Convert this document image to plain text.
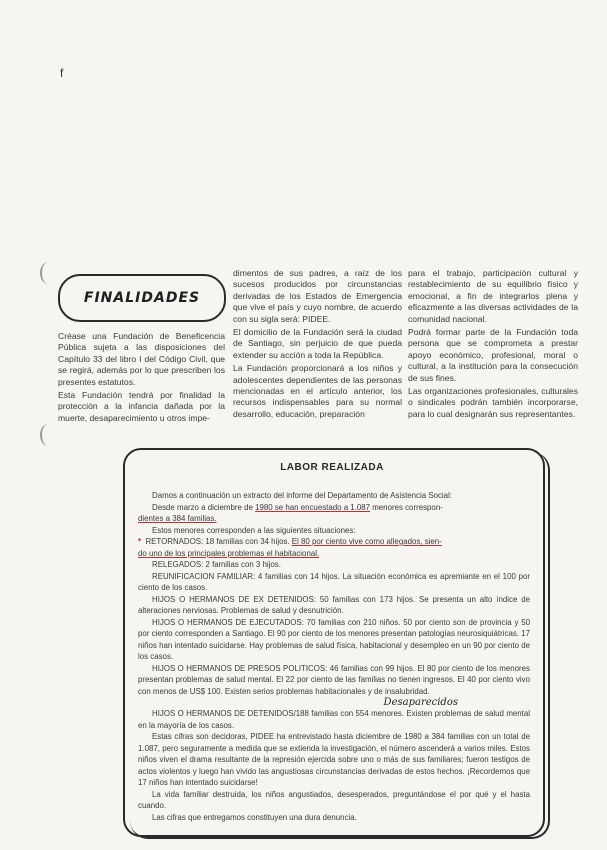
f
FINALIDADES

Créase una Fundación de Beneficencia Pública sujeta a las disposiciones del Capítulo 33 del libro I del Código Civil, que se regirá, además por lo que prescriben los presentes estatutos.

Esta Fundación tendrá por finalidad la protección a la infancia dañada por la muerte, desaparecimiento u otros impe-

dimentos de sus padres, a raíz de los sucesos producidos por circunstancias derivadas de los Estados de Emergencia que vive el país y cuyo nombre, de acuerdo con su sigla será: PIDEE.

El domicilio de la Fundación será la ciudad de Santiago, sin perjuicio de que pueda extender su acción a toda la República.

La Fundación proporcionará a los niños y adolescentes dependientes de las personas mencionadas en el artículo anterior, los recursos indispensables para su normal desarrollo, educación, preparación

para el trabajo, participación cultural y restablecimiento de su equilibrio físico y emocional, a fin de integrarlos plena y eficazmente a las diversas actividades de la comunidad nacional.

Podrá formar parte de la Fundación toda persona que se comprometa a prestar apoyo económico, profesional, moral o cultural, a la institución para la consecución de sus fines.

Las organizaciones profesionales, culturales o sindicales podrán también incorporarse, para lo cual designarán sus representantes.

LABOR REALIZADA

Damos a continuación un extracto del informe del Departamento de Asistencia Social:

Desde marzo a diciembre de 1980 se han encuestado a 1.087 menores correspon-
dientes a 384 familias.

Estos menores corresponden a las siguientes situaciones:

* RETORNADOS: 18 familias con 34 hijos. El 80 por ciento vive como allegados, sien-
do uno de los principales problemas el habitacional.

RELEGADOS: 2 familias con 3 hijos.

REUNIFICACION FAMILIAR: 4 familias con 14 hijos. La situación económica es apremiante en el 100 por ciento de los casos.

HIJOS O HERMANOS DE EX DETENIDOS: 50 familias con 173 hijos. Se presenta un alto índice de alteraciones nerviosas. Problemas de salud y desnutrición.

HIJOS O HERMANOS DE EJECUTADOS: 70 familias con 210 niños. 50 por ciento son de provincia y 50 por ciento corresponden a Santiago. El 90 por ciento de los menores presentan patologías neurosiquiátricas. 17 niños han intentado suicidarse. Hay problemas de salud física, habitacional y desempleo en un 90 por ciento de los casos.

HIJOS O HERMANOS DE PRESOS POLITICOS: 46 familias con 99 hijos. El 80 por ciento de los menores presentan problemas de salud mental. El 22 por ciento de las familias no tienen ingresos. El 40 por ciento vivo con menos de US$ 100. Existen serios problemas habitacionales y de insalubridad.

Desaparecidos

HIJOS O HERMANOS DE DETENIDOS/188 familias con 554 menores. Existen problemas de salud mental en la mayoría de los casos.

Estas cifras son decidoras, PIDEE ha entrevistado hasta diciembre de 1980 a 384 familias con un total de 1.087, pero seguramente a medida que se extienda la investigación, el número ascenderá a varios miles. Estos niños viven el drama resultante de la represión ejercida sobre uno o más de sus familiares; fueron testigos de actos violentos y luego han vivido las angustiosas circunstancias derivadas de estos hechos. ¡Recordemos que 17 niños han intentado suicidarse!

La vida familiar destruida, los niños angustiados, desesperados, preguntándose el por qué y el hasta cuando.

Las cifras que entregamos constituyen una dura denuncia.
